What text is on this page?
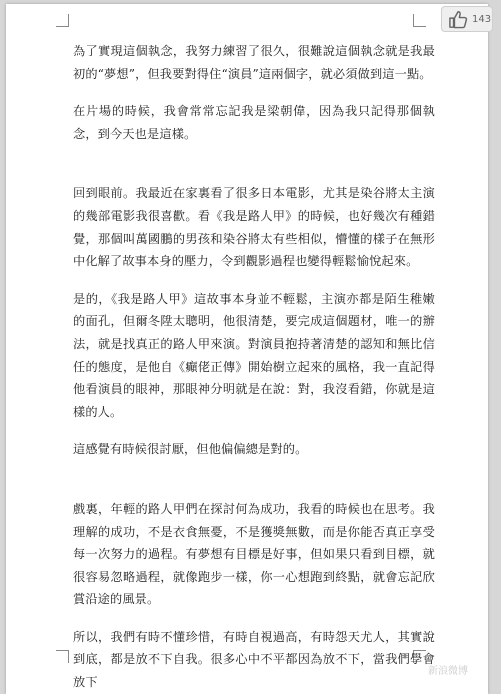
為了實現這個執念，我努力練習了很久，很難說這個執念就是我最初的“夢想”，但我要對得住“演員”這兩個字，就必須做到這一點。

在片場的時候，我會常常忘記我是梁朝偉，因為我只記得那個執念，到今天也是這樣。

回到眼前。我最近在家裏看了很多日本電影，尤其是染谷將太主演的幾部電影我很喜歡。看《我是路人甲》的時候，也好幾次有種錯覺，那個叫萬國鵬的男孩和染谷將太有些相似，懵懂的樣子在無形中化解了故事本身的壓力，令到觀影過程也變得輕鬆愉悅起來。

是的，《我是路人甲》這故事本身並不輕鬆，主演亦都是陌生稚嫩的面孔，但爾冬陞太聰明，他很清楚，要完成這個題材，唯一的辦法，就是找真正的路人甲來演。對演員抱持著清楚的認知和無比信任的態度，是他自《癲佬正傳》開始樹立起來的風格，我一直記得他看演員的眼神，那眼神分明就是在說：對，我沒看錯，你就是這樣的人。

這感覺有時候很討厭，但他偏偏總是對的。

戲裏，年輕的路人甲們在探討何為成功，我看的時候也在思考。我理解的成功，不是衣食無憂，不是獲獎無數，而是你能否真正享受每一次努力的過程。有夢想有目標是好事，但如果只看到目標，就很容易忽略過程，就像跑步一樣，你一心想跑到終點，就會忘記欣賞沿途的風景。

所以，我們有時不懂珍惜，有時自視過高，有時怨天尤人，其實說到底，都是放不下自我。很多心中不平都因為放不下，當我們學會放下

143
新浪微博
